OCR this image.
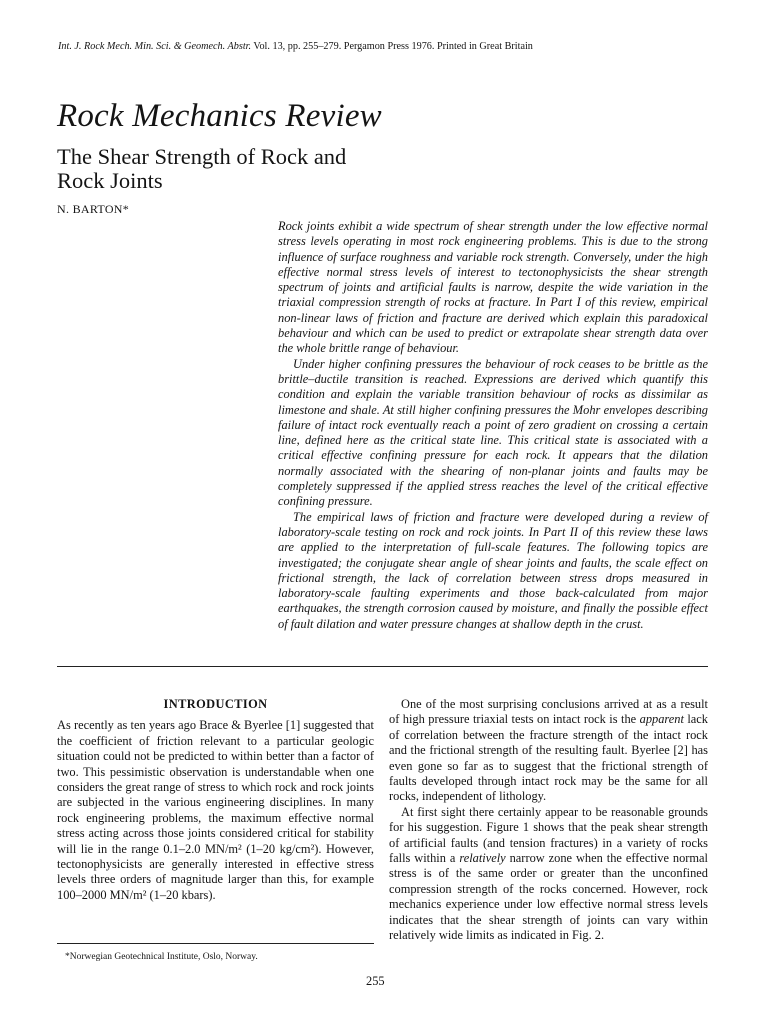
Int. J. Rock Mech. Min. Sci. & Geomech. Abstr. Vol. 13, pp. 255–279. Pergamon Press 1976. Printed in Great Britain
Rock Mechanics Review
The Shear Strength of Rock and
Rock Joints
N. BARTON*

Rock joints exhibit a wide spectrum of shear strength under the low effective normal stress levels operating in most rock engineering problems. This is due to the strong influence of surface roughness and variable rock strength. Conversely, under the high effective normal stress levels of interest to tectonophysicists the shear strength spectrum of joints and artificial faults is narrow, despite the wide variation in the triaxial compression strength of rocks at fracture. In Part I of this review, empirical non-linear laws of friction and fracture are derived which explain this paradoxical behaviour and which can be used to predict or extrapolate shear strength data over the whole brittle range of behaviour.

Under higher confining pressures the behaviour of rock ceases to be brittle as the brittle–ductile transition is reached. Expressions are derived which quantify this condition and explain the variable transition behaviour of rocks as dissimilar as limestone and shale. At still higher confining pressures the Mohr envelopes describing failure of intact rock eventually reach a point of zero gradient on crossing a certain line, defined here as the critical state line. This critical state is associated with a critical effective confining pressure for each rock. It appears that the dilation normally associated with the shearing of non-planar joints and faults may be completely suppressed if the applied stress reaches the level of the critical effective confining pressure.

The empirical laws of friction and fracture were developed during a review of laboratory-scale testing on rock and rock joints. In Part II of this review these laws are applied to the interpretation of full-scale features. The following topics are investigated; the conjugate shear angle of shear joints and faults, the scale effect on frictional strength, the lack of correlation between stress drops measured in laboratory-scale faulting experiments and those back-calculated from major earthquakes, the strength corrosion caused by moisture, and finally the possible effect of fault dilation and water pressure changes at shallow depth in the crust.

INTRODUCTION

As recently as ten years ago Brace & Byerlee [1] suggested that the coefficient of friction relevant to a particular geologic situation could not be predicted to within better than a factor of two. This pessimistic observation is understandable when one considers the great range of stress to which rock and rock joints are subjected in the various engineering disciplines. In many rock engineering problems, the maximum effective normal stress acting across those joints considered critical for stability will lie in the range 0.1–2.0 MN/m² (1–20 kg/cm²). However, tectonophysicists are generally interested in effective stress levels three orders of magnitude larger than this, for example 100–2000 MN/m² (1–20 kbars).

One of the most surprising conclusions arrived at as a result of high pressure triaxial tests on intact rock is the apparent lack of correlation between the fracture strength of the intact rock and the frictional strength of the resulting fault. Byerlee [2] has even gone so far as to suggest that the frictional strength of faults developed through intact rock may be the same for all rocks, independent of lithology.

At first sight there certainly appear to be reasonable grounds for his suggestion. Figure 1 shows that the peak shear strength of artificial faults (and tension fractures) in a variety of rocks falls within a relatively narrow zone when the effective normal stress is of the same order or greater than the unconfined compression strength of the rocks concerned. However, rock mechanics experience under low effective normal stress levels indicates that the shear strength of joints can vary within relatively wide limits as indicated in Fig. 2.

*Norwegian Geotechnical Institute, Oslo, Norway.
255
